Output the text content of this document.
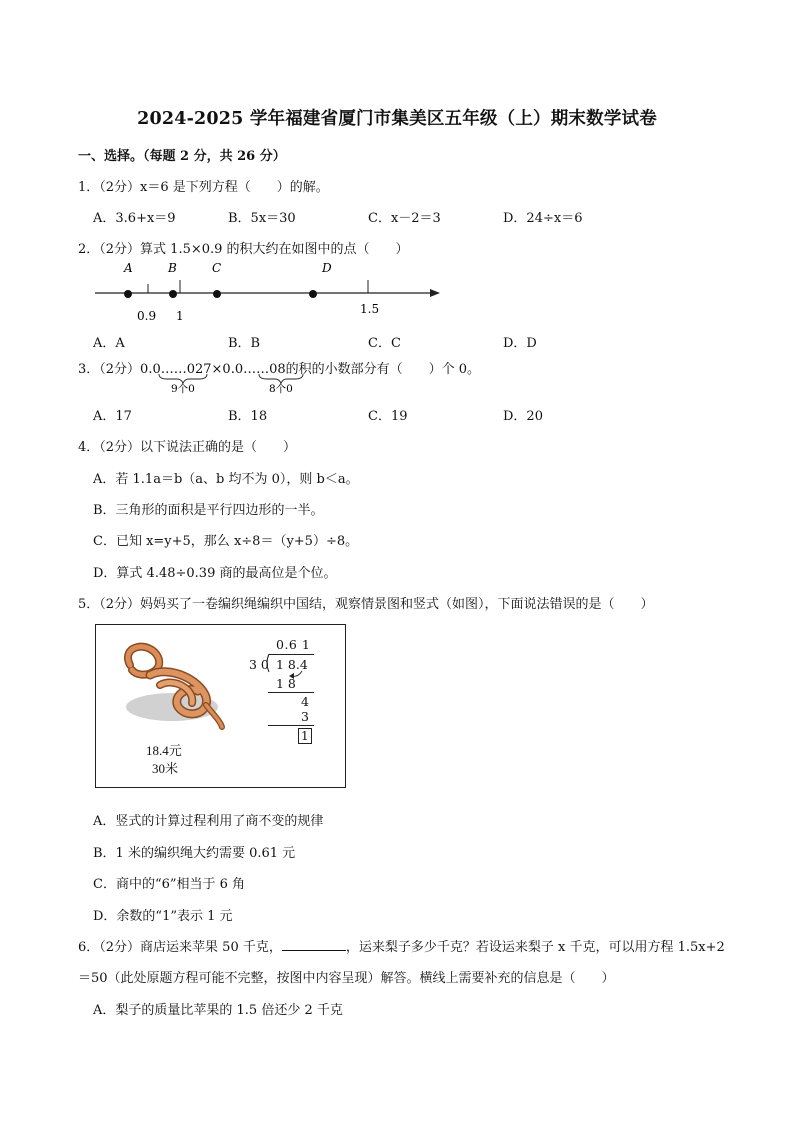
2024-2025 学年福建省厦门市集美区五年级（上）期末数学试卷
一、选择。（每题 2 分，共 26 分）
1．（2分）x＝6 是下列方程（　　）的解。
A．3.6+x＝9	B．5x＝30	C．x－2＝3	D．24÷x＝6
2．（2分）算式 1.5×0.9 的积大约在如图中的点（　　）
A	B	C	D
0.9 1	1.5
A．A	B．B	C．C	D．D
3．（2分）0.0……027×0.0……08的积的小数部分有（　　）个 0。
9个0	8个0
A．17	B．18	C．19	D．20
4．（2分）以下说法正确的是（　　）
A．若 1.1a＝b（a、b 均不为 0），则 b＜a。
B．三角形的面积是平行四边形的一半。
C．已知 x=y+5，那么 x÷8＝（y+5）÷8。
D．算式 4.48÷0.39 商的最高位是个位。
5．（2分）妈妈买了一卷编织绳编织中国结，观察情景图和竖式（如图），下面说法错误的是（　　）
18.4元
30米
0.6 1
3 0 1 8.4
1 8
4
3
1
A．竖式的计算过程利用了商不变的规律
B．1 米的编织绳大约需要 0.61 元
C．商中的“6”相当于 6 角
D．余数的“1”表示 1 元
6．（2分）商店运来苹果 50 千克，	，运来梨子多少千克？若设运来梨子 x 千克，可以用方程 1.5x+2
＝50（此处原题方程可能不完整，按图中内容呈现）解答。横线上需要补充的信息是（　　）
A．梨子的质量比苹果的 1.5 倍还少 2 千克
